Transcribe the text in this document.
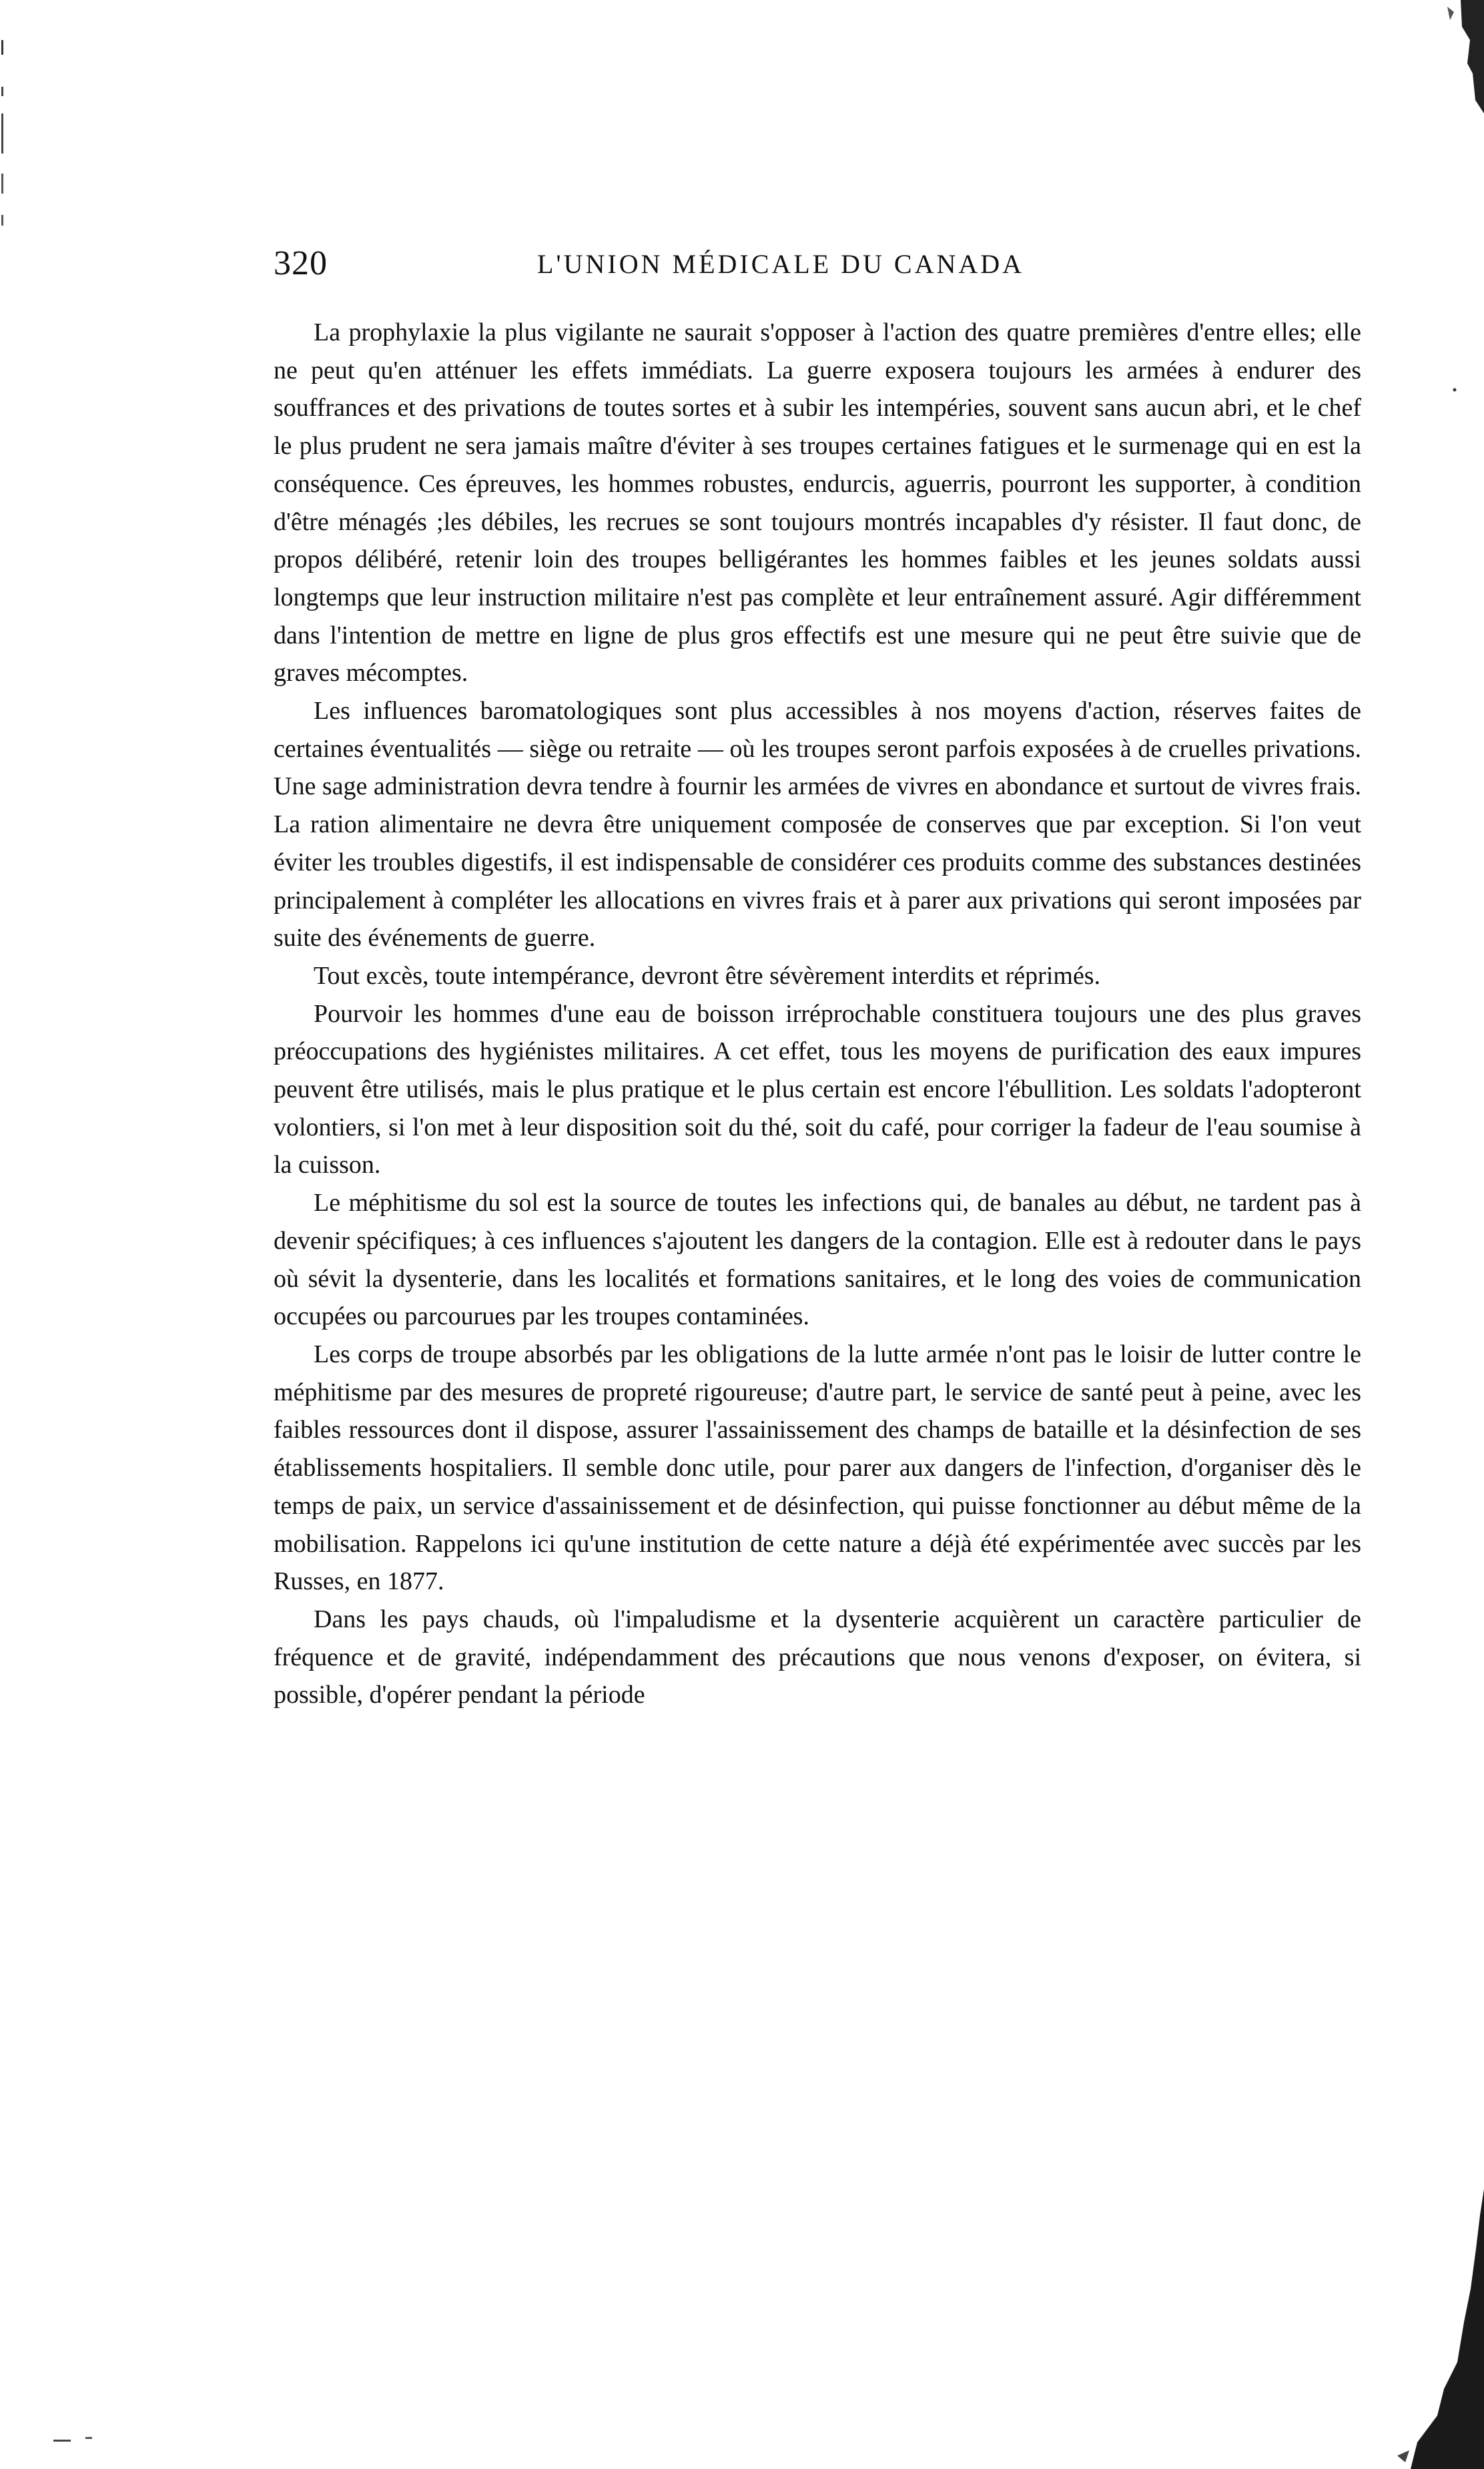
320	L'UNION MÉDICALE DU CANADA

La prophylaxie la plus vigilante ne saurait s'opposer à l'action des quatre premières d'entre elles; elle ne peut qu'en atténuer les effets immédiats. La guerre exposera toujours les armées à endurer des souffrances et des privations de toutes sortes et à subir les intempéries, souvent sans aucun abri, et le chef le plus prudent ne sera jamais maître d'éviter à ses troupes certaines fatigues et le surmenage qui en est la conséquence. Ces épreuves, les hommes robustes, endurcis, aguerris, pourront les supporter, à condition d'être ménagés ;les débiles, les recrues se sont toujours montrés incapables d'y résister. Il faut donc, de propos délibéré, retenir loin des troupes belligérantes les hommes faibles et les jeunes soldats aussi longtemps que leur instruction militaire n'est pas complète et leur entraînement assuré. Agir différemment dans l'intention de mettre en ligne de plus gros effectifs est une mesure qui ne peut être suivie que de graves mécomptes.

Les influences baromatologiques sont plus accessibles à nos moyens d'action, réserves faites de certaines éventualités — siège ou retraite — où les troupes seront parfois exposées à de cruelles privations. Une sage administration devra tendre à fournir les armées de vivres en abondance et surtout de vivres frais. La ration alimentaire ne devra être uniquement composée de conserves que par exception. Si l'on veut éviter les troubles digestifs, il est indispensable de considérer ces produits comme des substances destinées principalement à compléter les allocations en vivres frais et à parer aux privations qui seront imposées par suite des événements de guerre.

Tout excès, toute intempérance, devront être sévèrement interdits et réprimés.

Pourvoir les hommes d'une eau de boisson irréprochable constituera toujours une des plus graves préoccupations des hygiénistes militaires. A cet effet, tous les moyens de purification des eaux impures peuvent être utilisés, mais le plus pratique et le plus certain est encore l'ébullition. Les soldats l'adopteront volontiers, si l'on met à leur disposition soit du thé, soit du café, pour corriger la fadeur de l'eau soumise à la cuisson.

Le méphitisme du sol est la source de toutes les infections qui, de banales au début, ne tardent pas à devenir spécifiques; à ces influences s'ajoutent les dangers de la contagion. Elle est à redouter dans le pays où sévit la dysenterie, dans les localités et formations sanitaires, et le long des voies de communication occupées ou parcourues par les troupes contaminées.

Les corps de troupe absorbés par les obligations de la lutte armée n'ont pas le loisir de lutter contre le méphitisme par des mesures de propreté rigoureuse; d'autre part, le service de santé peut à peine, avec les faibles ressources dont il dispose, assurer l'assainissement des champs de bataille et la désinfection de ses établissements hospitaliers. Il semble donc utile, pour parer aux dangers de l'infection, d'organiser dès le temps de paix, un service d'assainissement et de désinfection, qui puisse fonctionner au début même de la mobilisation. Rappelons ici qu'une institution de cette nature a déjà été expérimentée avec succès par les Russes, en 1877.

Dans les pays chauds, où l'impaludisme et la dysenterie acquièrent un caractère particulier de fréquence et de gravité, indépendamment des précautions que nous venons d'exposer, on évitera, si possible, d'opérer pendant la période
